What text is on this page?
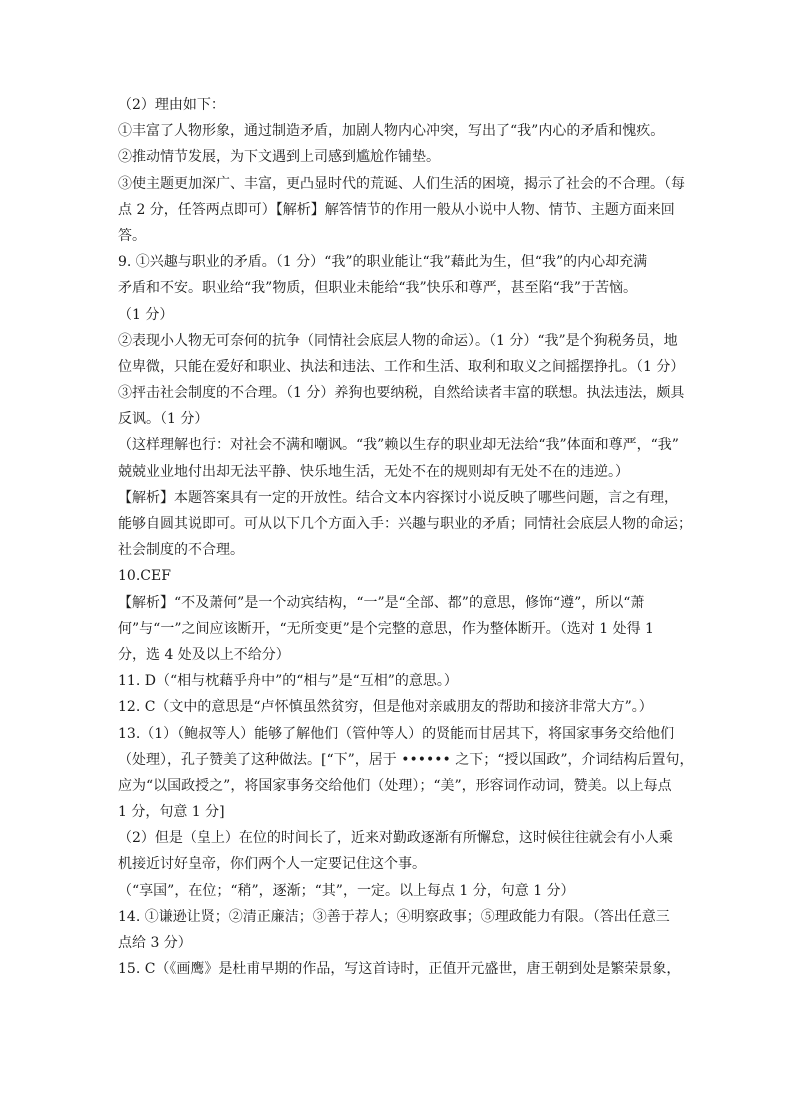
（2）理由如下：
①丰富了人物形象，通过制造矛盾，加剧人物内心冲突，写出了“我”内心的矛盾和愧疚。
②推动情节发展，为下文遇到上司感到尴尬作铺垫。
③使主题更加深广、丰富，更凸显时代的荒诞、人们生活的困境，揭示了社会的不合理。（每
点 2 分，任答两点即可）【解析】解答情节的作用一般从小说中人物、情节、主题方面来回
答。
9. ①兴趣与职业的矛盾。（1 分）“我”的职业能让“我”藉此为生，但“我”的内心却充满
矛盾和不安。职业给“我”物质，但职业未能给“我”快乐和尊严，甚至陷“我”于苦恼。
（1 分）
②表现小人物无可奈何的抗争（同情社会底层人物的命运）。（1 分）“我”是个狗税务员，地
位卑微，只能在爱好和职业、执法和违法、工作和生活、取利和取义之间摇摆挣扎。（1 分）
③抨击社会制度的不合理。（1 分）养狗也要纳税，自然给读者丰富的联想。执法违法，颇具
反讽。（1 分）
（这样理解也行：对社会不满和嘲讽。“我”赖以生存的职业却无法给“我”体面和尊严，“我”
兢兢业业地付出却无法平静、快乐地生活，无处不在的规则却有无处不在的违逆。）
【解析】本题答案具有一定的开放性。结合文本内容探讨小说反映了哪些问题，言之有理，
能够自圆其说即可。可从以下几个方面入手：兴趣与职业的矛盾；同情社会底层人物的命运；
社会制度的不合理。
10.CEF
【解析】“不及萧何”是一个动宾结构，“一”是“全部、都”的意思，修饰“遵”，所以“萧
何”与“一”之间应该断开，“无所变更”是个完整的意思，作为整体断开。（选对 1 处得 1
分，选 4 处及以上不给分）
11. D（“相与枕藉乎舟中”的“相与”是“互相”的意思。）
12. C（文中的意思是“卢怀慎虽然贫穷，但是他对亲戚朋友的帮助和接济非常大方”。）
13.（1）（鲍叔等人）能够了解他们（管仲等人）的贤能而甘居其下，将国家事务交给他们
（处理），孔子赞美了这种做法。[“下”，居于 •••••• 之下；“授以国政”，介词结构后置句，
应为“以国政授之”，将国家事务交给他们（处理）；“美”，形容词作动词，赞美。以上每点
1 分，句意 1 分]
（2）但是（皇上）在位的时间长了，近来对勤政逐渐有所懈怠，这时候往往就会有小人乘
机接近讨好皇帝，你们两个人一定要记住这个事。
（“享国”，在位；“稍”，逐渐；“其”，一定。以上每点 1 分，句意 1 分）
14. ①谦逊让贤；②清正廉洁；③善于荐人；④明察政事；⑤理政能力有限。（答出任意三
点给 3 分）
15. C（《画鹰》是杜甫早期的作品，写这首诗时，正值开元盛世，唐王朝到处是繁荣景象，
